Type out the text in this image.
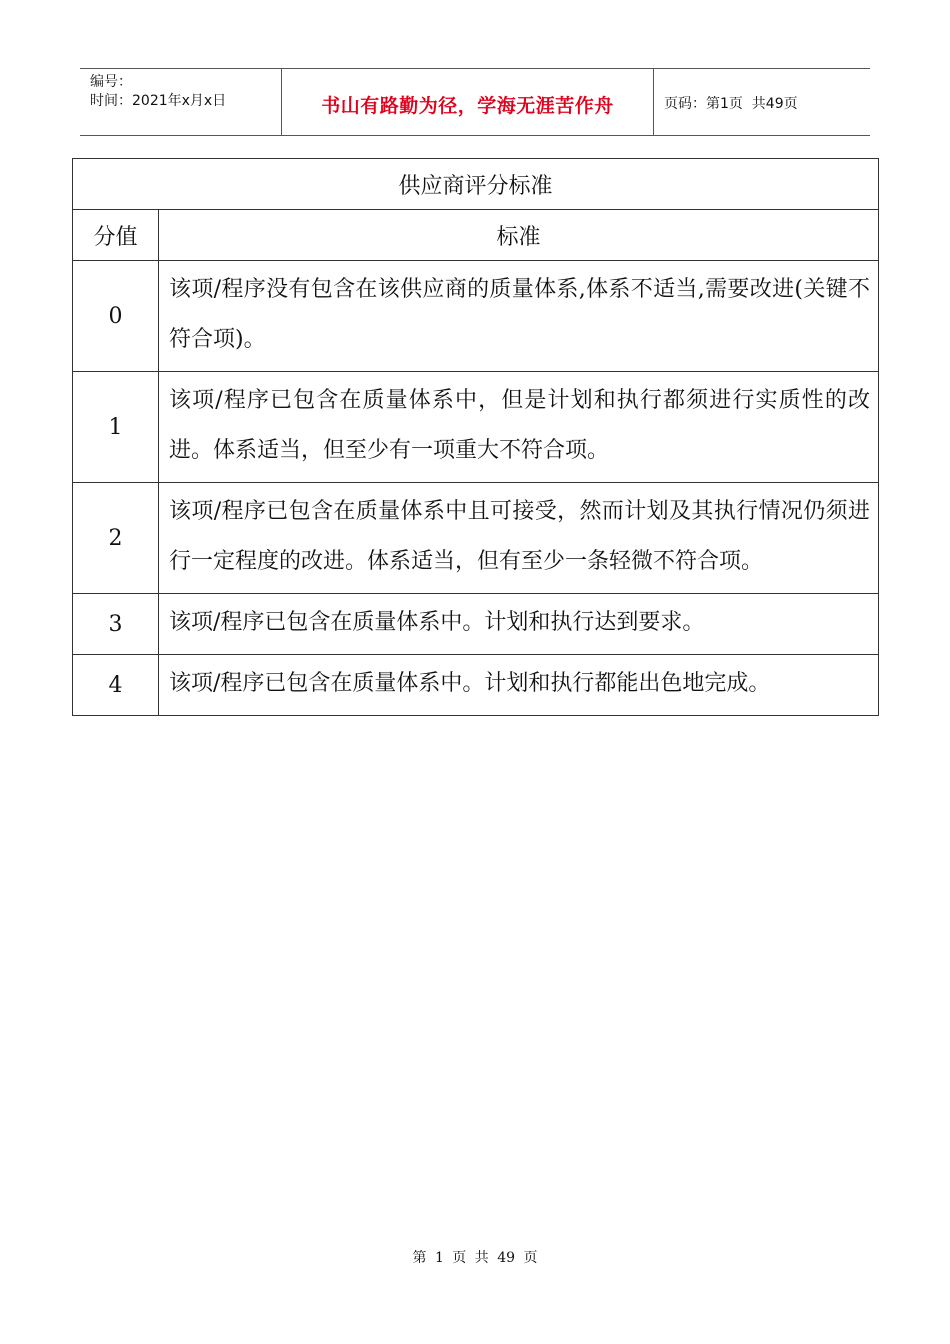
编号：
时间：2021年x月x日	书山有路勤为径，学海无涯苦作舟	页码：第1页  共49页
供应商评分标准	
分值	标准
0	该项/程序没有包含在该供应商的质量体系,体系不适当,需要改进(关键不符合项)。
1	该项/程序已包含在质量体系中，但是计划和执行都须进行实质性的改进。体系适当，但至少有一项重大不符合项。
2	该项/程序已包含在质量体系中且可接受，然而计划及其执行情况仍须进行一定程度的改进。体系适当，但有至少一条轻微不符合项。
3	该项/程序已包含在质量体系中。计划和执行达到要求。
4	该项/程序已包含在质量体系中。计划和执行都能出色地完成。
第 1 页 共 49 页
